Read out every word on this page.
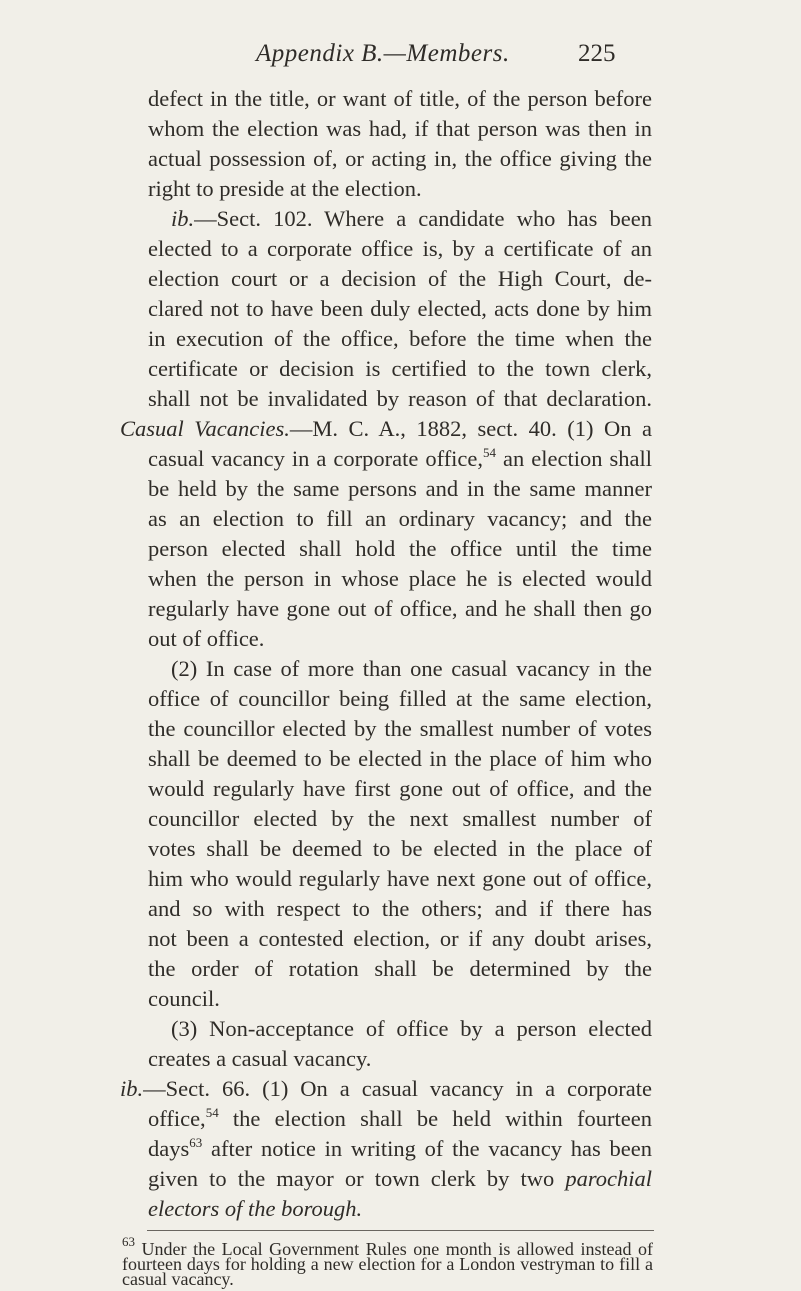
Appendix B.—Members.	225
defect in the title, or want of title, of the person before
whom the election was had, if that person was then in
actual possession of, or acting in, the office giving the
right to preside at the election.
ib.—Sect. 102. Where a candidate who has been
elected to a corporate office is, by a certificate of an
election court or a decision of the High Court, de-
clared not to have been duly elected, acts done by him
in execution of the office, before the time when the
certificate or decision is certified to the town clerk,
shall not be invalidated by reason of that declaration.
Casual Vacancies.—M. C. A., 1882, sect. 40. (1) On a
casual vacancy in a corporate office,$^{54}$ an election shall
be held by the same persons and in the same manner
as an election to fill an ordinary vacancy; and the
person elected shall hold the office until the time
when the person in whose place he is elected would
regularly have gone out of office, and he shall then go
out of office.
(2) In case of more than one casual vacancy in the
office of councillor being filled at the same election,
the councillor elected by the smallest number of votes
shall be deemed to be elected in the place of him who
would regularly have first gone out of office, and the
councillor elected by the next smallest number of
votes shall be deemed to be elected in the place of
him who would regularly have next gone out of office,
and so with respect to the others; and if there has
not been a contested election, or if any doubt arises,
the order of rotation shall be determined by the
council.
(3) Non-acceptance of office by a person elected
creates a casual vacancy.
ib.—Sect. 66. (1) On a casual vacancy in a corporate
office,$^{54}$ the election shall be held within fourteen
days$^{63}$ after notice in writing of the vacancy has been
given to the mayor or town clerk by two parochial
electors of the borough.
$^{63}$ Under the Local Government Rules one month is allowed instead of
fourteen days for holding a new election for a London vestryman to fill a
casual vacancy.
